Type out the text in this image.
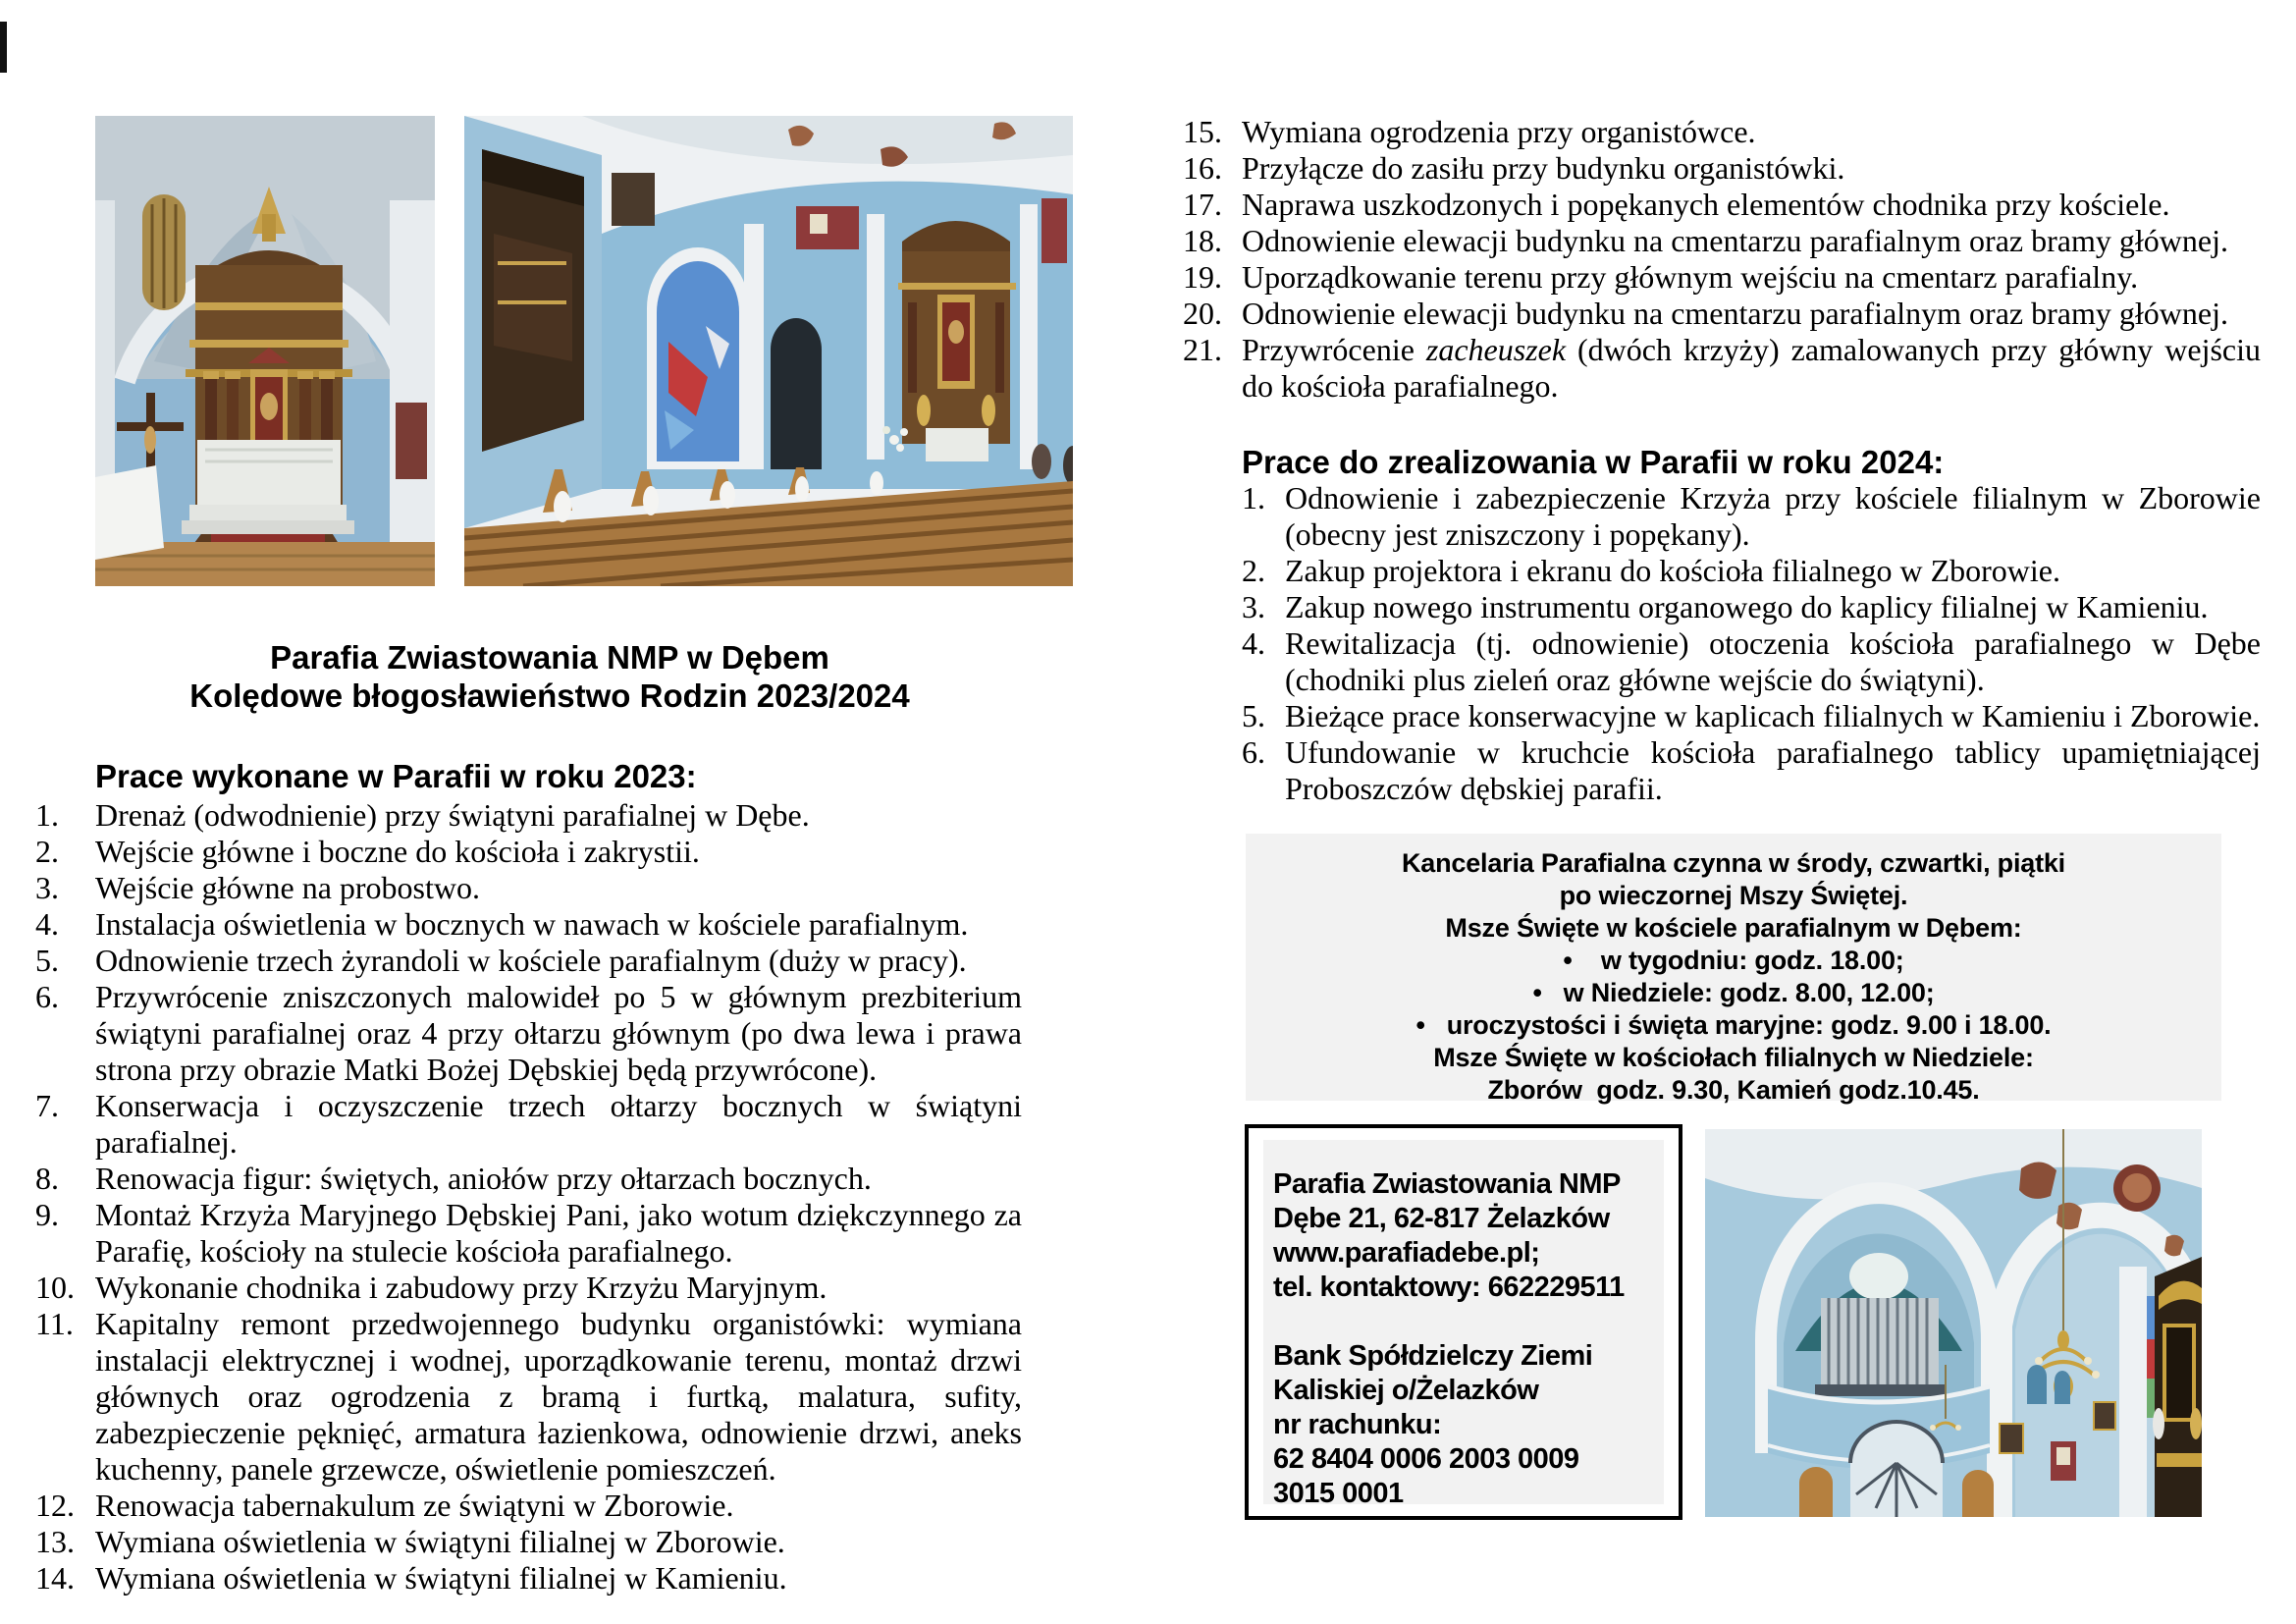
Parafia Zwiastowania NMP w Dębem
Kolędowe błogosławieństwo Rodzin 2023/2024
Prace wykonane w Parafii w roku 2023:
1.	Drenaż (odwodnienie) przy świątyni parafialnej w Dębe.
2.	Wejście główne i boczne do kościoła i zakrystii.
3.	Wejście główne na probostwo.
4.	Instalacja oświetlenia w bocznych w nawach w kościele parafialnym.
5.	Odnowienie trzech żyrandoli w kościele parafialnym (duży w pracy).
6.	Przywrócenie zniszczonych malowideł po 5 w głównym prezbiterium świątyni parafialnej oraz 4 przy ołtarzu głównym (po dwa lewa i prawa strona przy obrazie Matki Bożej Dębskiej będą przywrócone).
7.	Konserwacja i oczyszczenie trzech ołtarzy bocznych w świątyni parafialnej.
8.	Renowacja figur: świętych, aniołów przy ołtarzach bocznych.
9.	Montaż Krzyża Maryjnego Dębskiej Pani, jako wotum dziękczynnego za Parafię, kościoły na stulecie kościoła parafialnego.
10. Wykonanie chodnika i zabudowy przy Krzyżu Maryjnym.
11. Kapitalny remont przedwojennego budynku organistówki: wymiana instalacji elektrycznej i wodnej, uporządkowanie terenu, montaż drzwi głównych oraz ogrodzenia z bramą i furtką, malatura, sufity, zabezpieczenie pęknięć, armatura łazienkowa, odnowienie drzwi, aneks kuchenny, panele grzewcze, oświetlenie pomieszczeń.
12. Renowacja tabernakulum ze świątyni w Zborowie.
13. Wymiana oświetlenia w świątyni filialnej w Zborowie.
14. Wymiana oświetlenia w świątyni filialnej w Kamieniu.
15. Wymiana ogrodzenia przy organistówce.
16. Przyłącze do zasiłu przy budynku organistówki.
17. Naprawa uszkodzonych i popękanych elementów chodnika przy kościele.
18. Odnowienie elewacji budynku na cmentarzu parafialnym oraz bramy głównej.
19. Uporządkowanie terenu przy głównym wejściu na cmentarz parafialny.
20. Odnowienie elewacji budynku na cmentarzu parafialnym oraz bramy głównej.
21. Przywrócenie zacheuszek (dwóch krzyży) zamalowanych przy główny wejściu do kościoła parafialnego.
Prace do zrealizowania w Parafii w roku 2024:
1. Odnowienie i zabezpieczenie Krzyża przy kościele filialnym w Zborowie (obecny jest zniszczony i popękany).
2. Zakup projektora i ekranu do kościoła filialnego w Zborowie.
3. Zakup nowego instrumentu organowego do kaplicy filialnej w Kamieniu.
4. Rewitalizacja (tj. odnowienie) otoczenia kościoła parafialnego w Dębe (chodniki plus zieleń oraz główne wejście do świątyni).
5. Bieżące prace konserwacyjne w kaplicach filialnych w Kamieniu i Zborowie.
6. Ufundowanie w kruchcie kościoła parafialnego tablicy upamiętniającej Proboszczów dębskiej parafii.
Kancelaria Parafialna czynna w środy, czwartki, piątki
po wieczornej Mszy Świętej.
Msze Święte w kościele parafialnym w Dębem:
•    w tygodniu: godz. 18.00;
•   w Niedziele: godz. 8.00, 12.00;
•   uroczystości i święta maryjne: godz. 9.00 i 18.00.
Msze Święte w kościołach filialnych w Niedziele:
Zborów  godz. 9.30, Kamień godz.10.45.
Parafia Zwiastowania NMP
Dębe 21, 62-817 Żelazków
www.parafiadebe.pl;
tel. kontaktowy: 662229511
Bank Spółdzielczy Ziemi
Kaliskiej o/Żelazków
nr rachunku:
62 8404 0006 2003 0009
3015 0001
